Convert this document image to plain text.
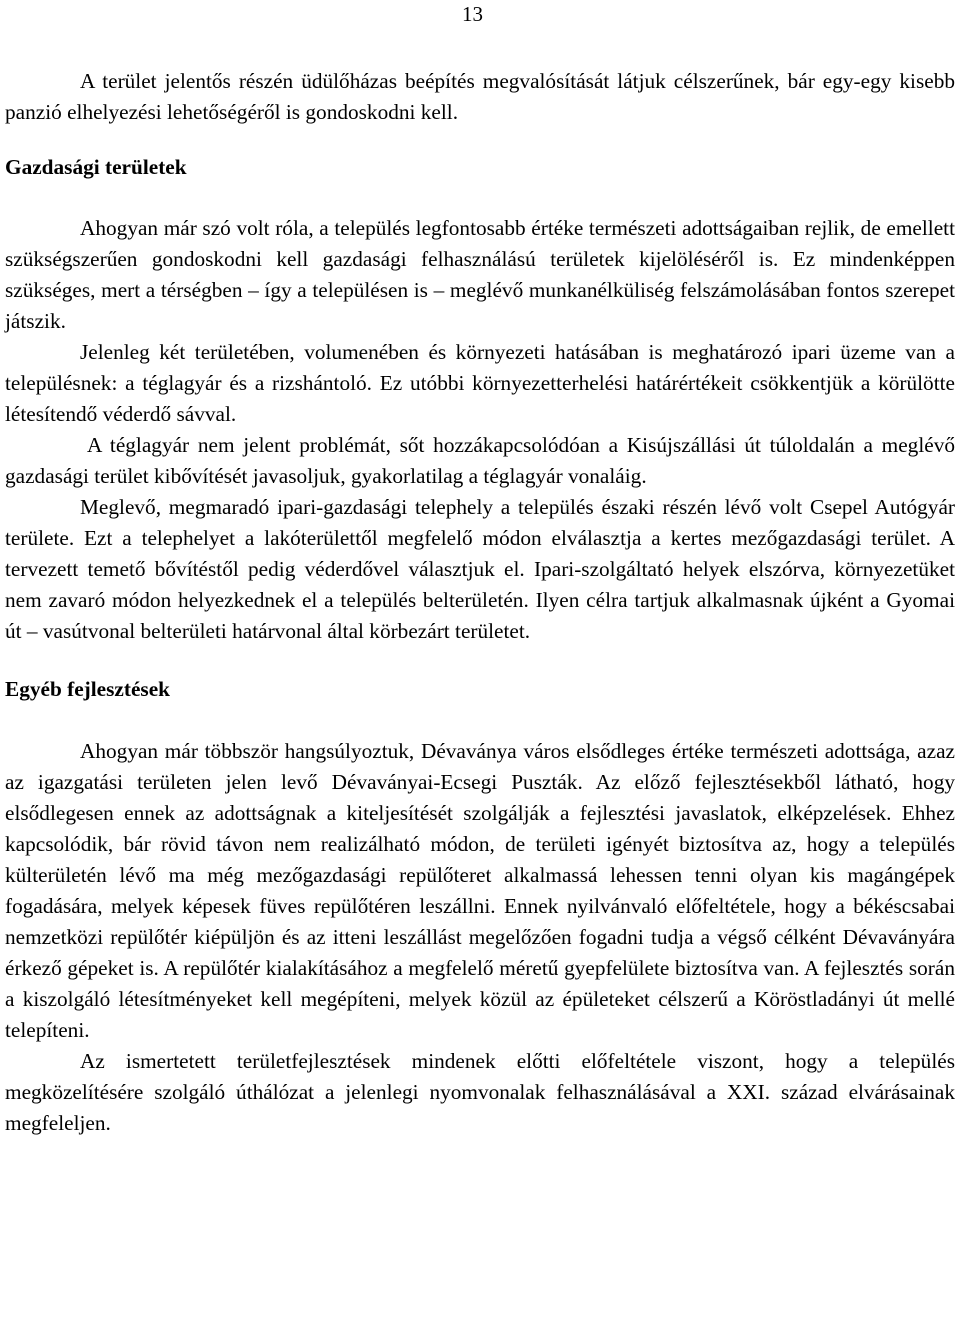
13

A terület jelentős részén üdülőházas beépítés megvalósítását látjuk célszerűnek, bár egy-egy kisebb panzió elhelyezési lehetőségéről is gondoskodni kell.

Gazdasági területek

Ahogyan már szó volt róla, a település legfontosabb értéke természeti adottságaiban rejlik, de emellett szükségszerűen gondoskodni kell gazdasági felhasználású területek kijelöléséről is. Ez mindenképpen szükséges, mert a térségben – így a településen is – meglévő munkanélküliség felszámolásában fontos szerepet játszik.

Jelenleg két területében, volumenében és környezeti hatásában is meghatározó ipari üzeme van a településnek: a téglagyár és a rizshántoló. Ez utóbbi környezetterhelési határértékeit csökkentjük a körülötte létesítendő véderdő sávval.

A téglagyár nem jelent problémát, sőt hozzákapcsolódóan a Kisújszállási út túloldalán a meglévő gazdasági terület kibővítését javasoljuk, gyakorlatilag a téglagyár vonaláig.

Meglevő, megmaradó ipari-gazdasági telephely a település északi részén lévő volt Csepel Autógyár területe. Ezt a telephelyet a lakóterülettől megfelelő módon elválasztja a kertes mezőgazdasági terület. A tervezett temető bővítéstől pedig véderdővel választjuk el. Ipari-szolgáltató helyek elszórva, környezetüket nem zavaró módon helyezkednek el a település belterületén. Ilyen célra tartjuk alkalmasnak újként a Gyomai út – vasútvonal belterületi határvonal által körbezárt területet.

Egyéb fejlesztések

Ahogyan már többször hangsúlyoztuk, Dévaványa város elsődleges értéke természeti adottsága, azaz az igazgatási területen jelen levő Dévaványai-Ecsegi Puszták. Az előző fejlesztésekből látható, hogy elsődlegesen ennek az adottságnak a kiteljesítését szolgálják a fejlesztési javaslatok, elképzelések. Ehhez kapcsolódik, bár rövid távon nem realizálható módon, de területi igényét biztosítva az, hogy a település külterületén lévő ma még mezőgazdasági repülőteret alkalmassá lehessen tenni olyan kis magángépek fogadására, melyek képesek füves repülőtéren leszállni. Ennek nyilvánvaló előfeltétele, hogy a békéscsabai nemzetközi repülőtér kiépüljön és az itteni leszállást megelőzően fogadni tudja a végső célként Dévaványára érkező gépeket is. A repülőtér kialakításához a megfelelő méretű gyepfelülete biztosítva van. A fejlesztés során a kiszolgáló létesítményeket kell megépíteni, melyek közül az épületeket célszerű a Köröstladányi út mellé telepíteni.

Az ismertetett területfejlesztések mindenek előtti előfeltétele viszont, hogy a település megközelítésére szolgáló úthálózat a jelenlegi nyomvonalak felhasználásával a XXI. század elvárásainak megfeleljen.
